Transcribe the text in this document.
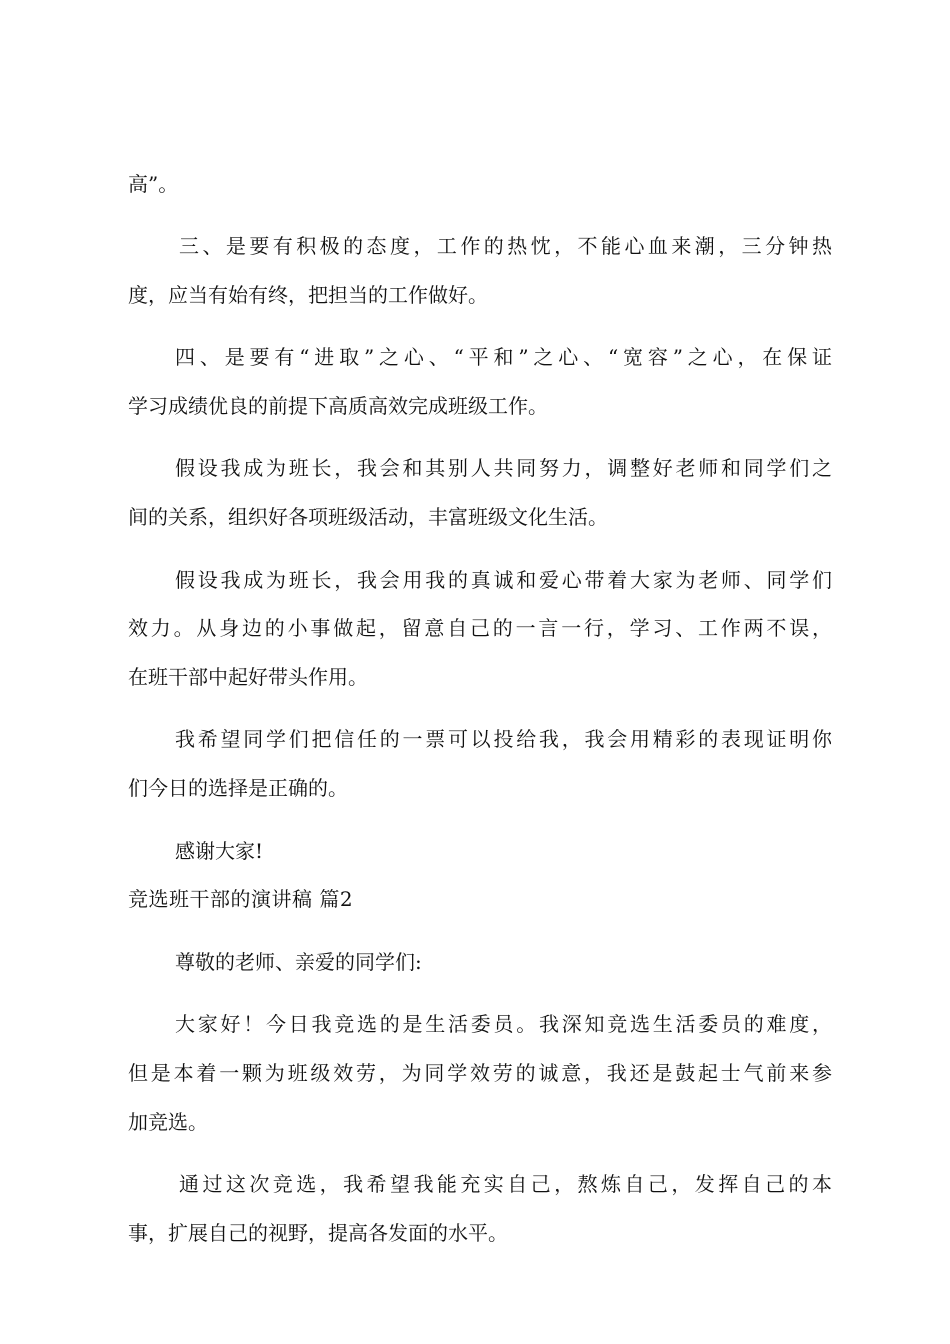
高”。
三、是要有积极的态度，工作的热忱，不能心血来潮，三分钟热
度，应当有始有终，把担当的工作做好。
四、是要有“进取”之心、“平和”之心、“宽容”之心，在保证
学习成绩优良的前提下高质高效完成班级工作。
假设我成为班长，我会和其别人共同努力，调整好老师和同学们之
间的关系，组织好各项班级活动，丰富班级文化生活。
假设我成为班长，我会用我的真诚和爱心带着大家为老师、同学们
效力。从身边的小事做起，留意自己的一言一行，学习、工作两不误，
在班干部中起好带头作用。
我希望同学们把信任的一票可以投给我，我会用精彩的表现证明你
们今日的选择是正确的。
感谢大家!
竞选班干部的演讲稿 篇2
尊敬的老师、亲爱的同学们:
大家好！今日我竞选的是生活委员。我深知竞选生活委员的难度，
但是本着一颗为班级效劳，为同学效劳的诚意，我还是鼓起士气前来参
加竞选。
通过这次竞选，我希望我能充实自己，熬炼自己，发挥自己的本
事，扩展自己的视野，提高各发面的水平。
